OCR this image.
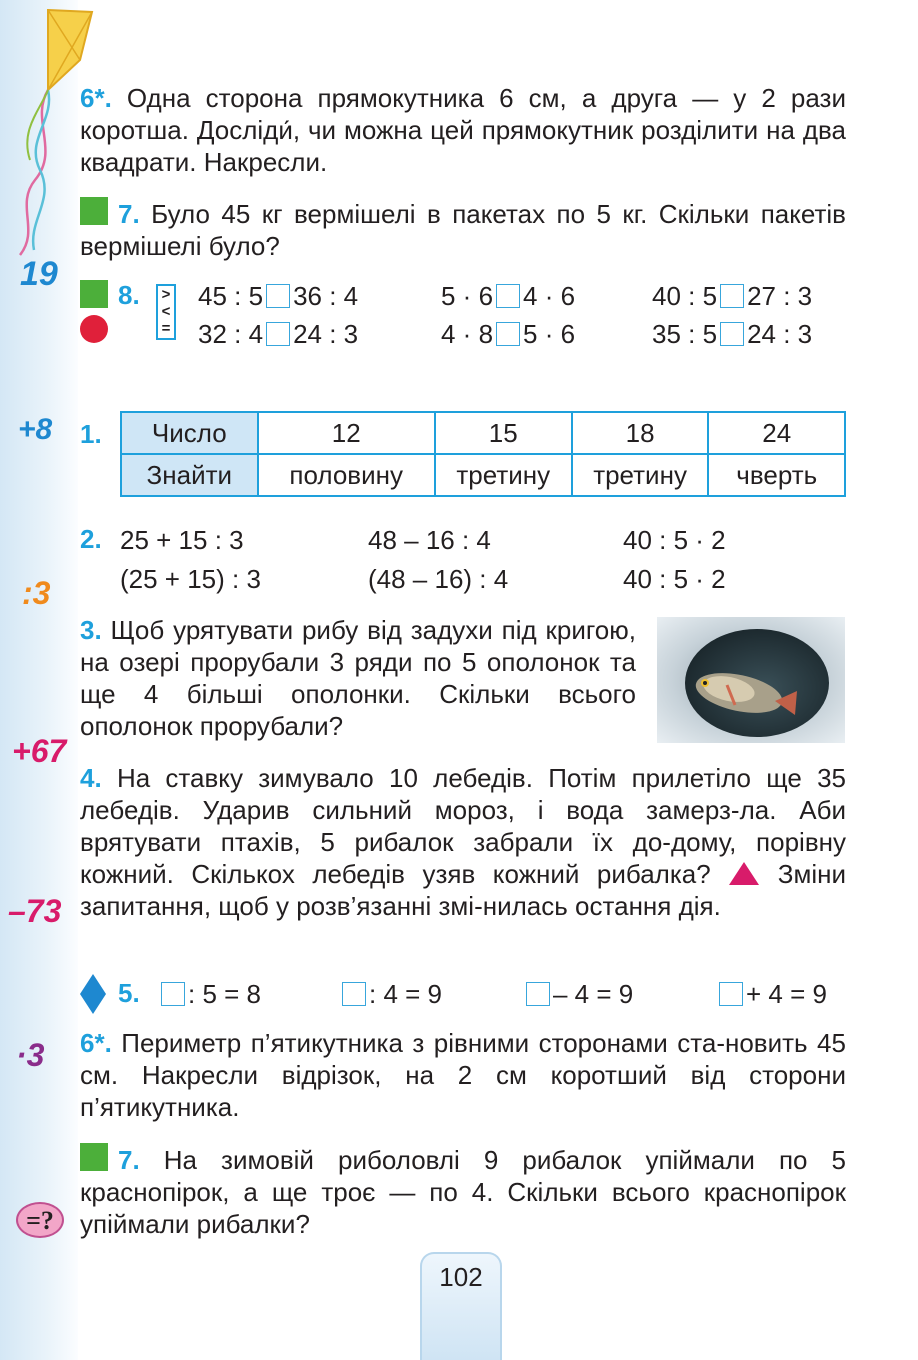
19
+8
:3
+67
–73
·3
=?
6*. Одна сторона прямокутника 6 см, а друга — у 2 рази коротша. Досліди́, чи можна цей прямокутник розділити на два квадрати. Накресли.
7. Було 45 кг вермішелі в пакетах по 5 кг. Скільки пакетів вермішелі було?
8.	>
<
=
45 : 5 36 : 4	5 · 6 4 · 6	40 : 5 27 : 3
32 : 4 24 : 3	4 · 8 5 · 6	35 : 5 24 : 3
1. Число	12	15	18	24
Знайти	половину	третину	третину	чверть
2. 25 + 15 : 3	48 – 16 : 4	40 : 5 · 2
(25 + 15) : 3	(48 – 16) : 4	40 : 5 · 2
3. Щоб урятувати рибу від задухи під кригою, на озері прорубали 3 ряди по 5 ополонок та ще 4 більші ополонки. Скільки всього ополонок прорубали?
4. На ставку зимувало 10 лебедів. Потім прилетіло ще 35 лебедів. Ударив сильний мороз, і вода замерз-ла. Аби врятувати птахів, 5 рибалок забрали їх до-дому, порівну кожний. Скількох лебедів узяв кожний рибалка?	Зміни запитання, щоб у розв’язанні змі-нилась остання дія.
5.	: 5 = 8	: 4 = 9	– 4 = 9	+ 4 = 9
6*. Периметр п’ятикутника з рівними сторонами ста-новить 45 см. Накресли відрізок, на 2 см коротший від сторони п’ятикутника.
7. На зимовій риболовлі 9 рибалок упіймали по 5 краснопірок, а ще троє — по 4. Скільки всього краснопірок упіймали рибалки?
102
